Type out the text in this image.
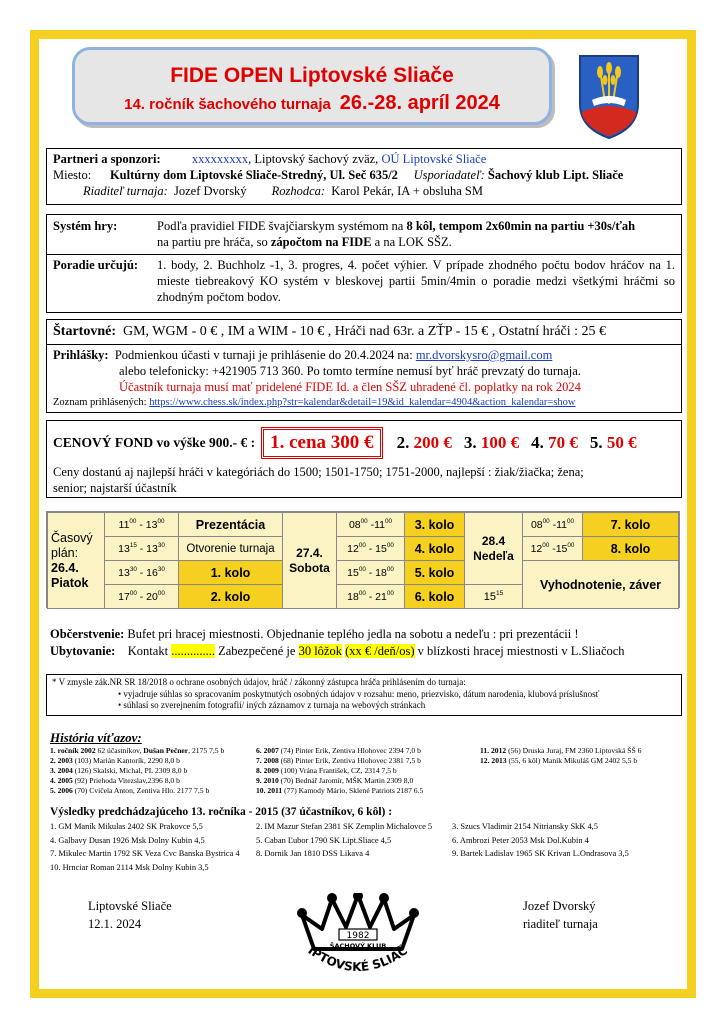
FIDE OPEN Liptovské Sliače
14. ročník šachového turnaja 26.-28. apríl 2024
Partneri a sponzori:	xxxxxxxxx, Liptovský šachový zväz, OÚ Liptovské Sliače
Miesto: Kultúrny dom Liptovské Sliače-Stredný, Ul. Seč 635/2 Usporiadateľ: Šachový klub Lipt. Sliače
Riaditeľ turnaja: Jozef Dvorský Rozhodca: Karol Pekár, IA + obsluha SM
Systém hry:	Podľa pravidiel FIDE švajčiarskym systémom na 8 kôl, tempom 2x60min na partiu +30s/ťah
na partiu pre hráča, so zápočtom na FIDE a na LOK SŠZ.
Poradie určujú:	1. body, 2. Buchholz -1, 3. progres, 4. počet výhier. V prípade zhodného počtu bodov hráčov na 1. mieste tiebreakový KO systém v bleskovej partii 5min/4min o poradie medzi všetkými hráčmi so zhodným počtom bodov.
Štartovné: GM, WGM - 0 € , IM a WIM - 10 € , Hráči nad 63r. a ZŤP - 15 € , Ostatní hráči : 25 €
Prihlášky: Podmienkou účasti v turnaji je prihlásenie do 20.4.2024 na: mr.dvorskysro@gmail.com
alebo telefonicky: +421905 713 360. Po tomto termíne nemusí byť hráč prevzatý do turnaja.
Účastník turnaja musí mať pridelené FIDE Id. a člen SŠZ uhradené čl. poplatky na rok 2024
Zoznam prihlásených: https://www.chess.sk/index.php?str=kalendar&detail=19&id_kalendar=4904&action_kalendar=show
CENOVÝ FOND vo výške 900.- € : 1. cena 300 €	2. 200 € 3. 100 € 4. 70 € 5. 50 €
Ceny dostanú aj najlepší hráči v kategóriách do 1500; 1501-1750; 1751-2000, najlepší : žiak/žiačka; žena;
senior; najstarší účastník
Časový plán:
26.4. Piatok	$11^{00} - 13^{00}$	Prezentácia	27.4. Sobota	$08^{00}$ $-11^{00}$	3. kolo	28.4 Nedeľa	$08^{00}$ $-11^{00}$	7. kolo
	$13^{15} - 13^{30}$	Otvorenie turnaja		$12^{00} - 15^{00}$	4. kolo		$12^{00}$ $-15^{00}$	8. kolo
	$13^{30} - 16^{30}$	1. kolo		$15^{00} - 18^{00}$	5. kolo		Vyhodnotenie, záver	
	$17^{00} - 20^{00}$	2. kolo		$18^{00} - 21^{00}$	6. kolo	$15^{15}$
Občerstvenie: Bufet pri hracej miestnosti. Objednanie teplého jedla na sobotu a nedeľu : pri prezentácii !
Ubytovanie: Kontakt .............. Zabezpečené je 30 lôžok (xx € /deň/os) v blízkosti hracej miestnosti v L.Sliačoch
* V zmysle zák.NR SR 18/2018 o ochrane osobných údajov, hráč / zákonný zástupca hráča prihlásením do turnaja:
• vyjadruje súhlas so spracovaním poskytnutých osobných údajov v rozsahu: meno, priezvisko, dátum narodenia, klubová príslušnosť
• súhlasí so zverejnením fotografií/ iných záznamov z turnaja na webových stránkach
História víťazov:
1. ročník 2002 62 účastníkov, Dušan Pečner, 2175 7,5 b
2. 2003 (103) Marián Kantorík, 2290 8,0 b
3. 2004 (126) Skalski, Michal, PL 2309 8,0 b
4. 2005 (92) Priehoda Vitezslav,2396 8,0 b
5. 2006 (70) Cvičela Anton, Zentiva Hlo. 2177 7,5 b
6. 2007 (74) Pinter Erik, Zentiva Hlohovec 2394 7,0 b
7. 2008 (68) Pinter Erik, Zentiva Hlohovec 2381 7,5 b
8. 2009 (100) Vrána František, CZ, 2314 7,5 b
9. 2010 (70) Bednář Jaromír, MŠK Martin 2309 8,0
10. 2011 (77) Kamody Mário, Sklené Patriots 2187 6.5
11. 2012 (56) Druska Juraj, FM 2360 Liptovská ŠŠ 6
12. 2013 (55, 6 kôl) Maník Mikuláš GM 2402 5,5 b
Výsledky predchádzajúceho 13. ročníka - 2015 (37 účastníkov, 6 kôl) :
1. GM Maník Mikulas 2402 SK Prakovce 5,5	2. IM Mazur Stefan 2381 SK Zemplin Michalovce 5	3. Szucs Vladimir 2154 Nitriansky SkK 4,5
4. Galbavy Dusan 1926 Msk Dolny Kubin 4,5	5. Caban Ľubor 1790 SK Lipt.Sliace 4,5	6. Ambrozi Peter 2053 Msk Dol.Kubin 4
7. Mikulec Martin 1792 SK Veza Cvc Banska Bystrica 4	8. Dornik Jan 1810 DSS Likava 4	9. Bartek Ladislav 1965 SK Krivan L.Ondrasova 3,5
10. Hrnciar Roman 2114 Msk Dolny Kubin 3,5
Liptovské Sliače
12.1. 2024
Jozef Dvorský
riaditeľ turnaja
1982
ŠACHOVÝ KLUB
IPTOVSKÉ SLIAČ
